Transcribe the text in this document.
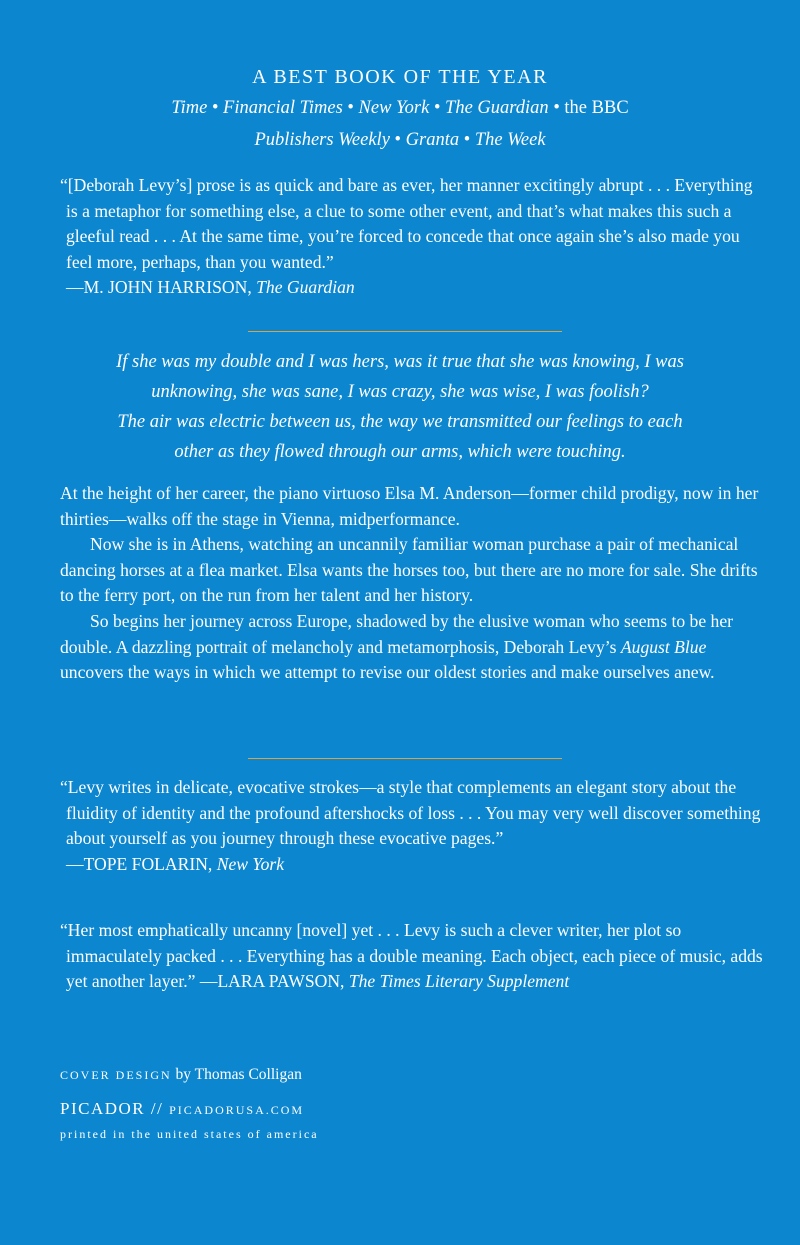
A BEST BOOK OF THE YEAR
Time • Financial Times • New York • The Guardian • the BBC
Publishers Weekly • Granta • The Week
“[Deborah Levy’s] prose is as quick and bare as ever, her manner excitingly abrupt . . . Everything is a metaphor for something else, a clue to some other event, and that’s what makes this such a gleeful read . . . At the same time, you’re forced to concede that once again she’s also made you feel more, perhaps, than you wanted.”
—M. JOHN HARRISON, The Guardian
If she was my double and I was hers, was it true that she was knowing, I was
unknowing, she was sane, I was crazy, she was wise, I was foolish?
The air was electric between us, the way we transmitted our feelings to each
other as they flowed through our arms, which were touching.

At the height of her career, the piano virtuoso Elsa M. Anderson—former child prodigy, now in her thirties—walks off the stage in Vienna, midperformance.

Now she is in Athens, watching an uncannily familiar woman purchase a pair of mechanical dancing horses at a flea market. Elsa wants the horses too, but there are no more for sale. She drifts to the ferry port, on the run from her talent and her history.

So begins her journey across Europe, shadowed by the elusive woman who seems to be her double. A dazzling portrait of melancholy and metamorphosis, Deborah Levy’s August Blue uncovers the ways in which we attempt to revise our oldest stories and make ourselves anew.

“Levy writes in delicate, evocative strokes—a style that complements an elegant story about the fluidity of identity and the profound aftershocks of loss . . . You may very well discover something about yourself as you journey through these evocative pages.”
—TOPE FOLARIN, New York
“Her most emphatically uncanny [novel] yet . . . Levy is such a clever writer, her plot so immaculately packed . . . Everything has a double meaning. Each object, each piece of music, adds yet another layer.” —LARA PAWSON, The Times Literary Supplement
COVER DESIGN by Thomas Colligan
PICADOR // PICADORUSA.COM
printed in the united states of america
